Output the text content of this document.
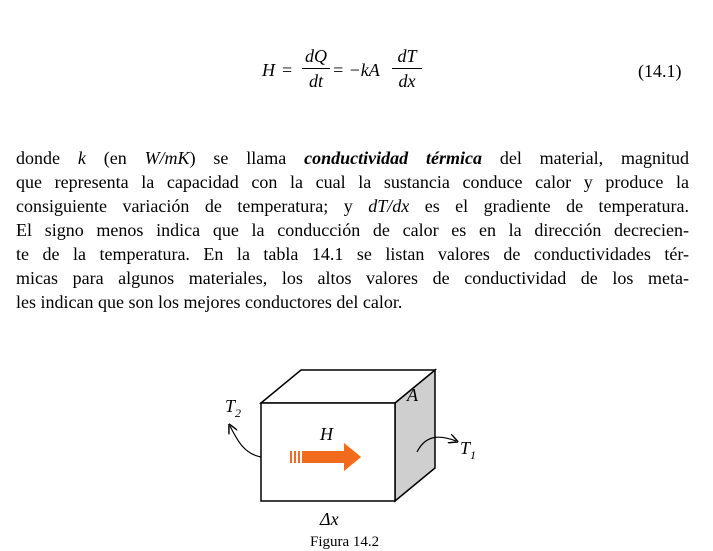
H =
dQ
dt
= −kA
dT
dx	(14.1)
donde k (en W/mK) se llama conductividad térmica del material, magnitud
que representa la capacidad con la cual la sustancia conduce calor y produce la
consiguiente variación de temperatura; y dT/dx es el gradiente de temperatura.
El signo menos indica que la conducción de calor es en la dirección decrecien-
te de la temperatura. En la tabla 14.1 se listan valores de conductividades tér-
micas para algunos materiales, los altos valores de conductividad de los meta-
les indican que son los mejores conductores del calor.
$T_2$
$T_1$
H
A
Δx
Figura 14.2
